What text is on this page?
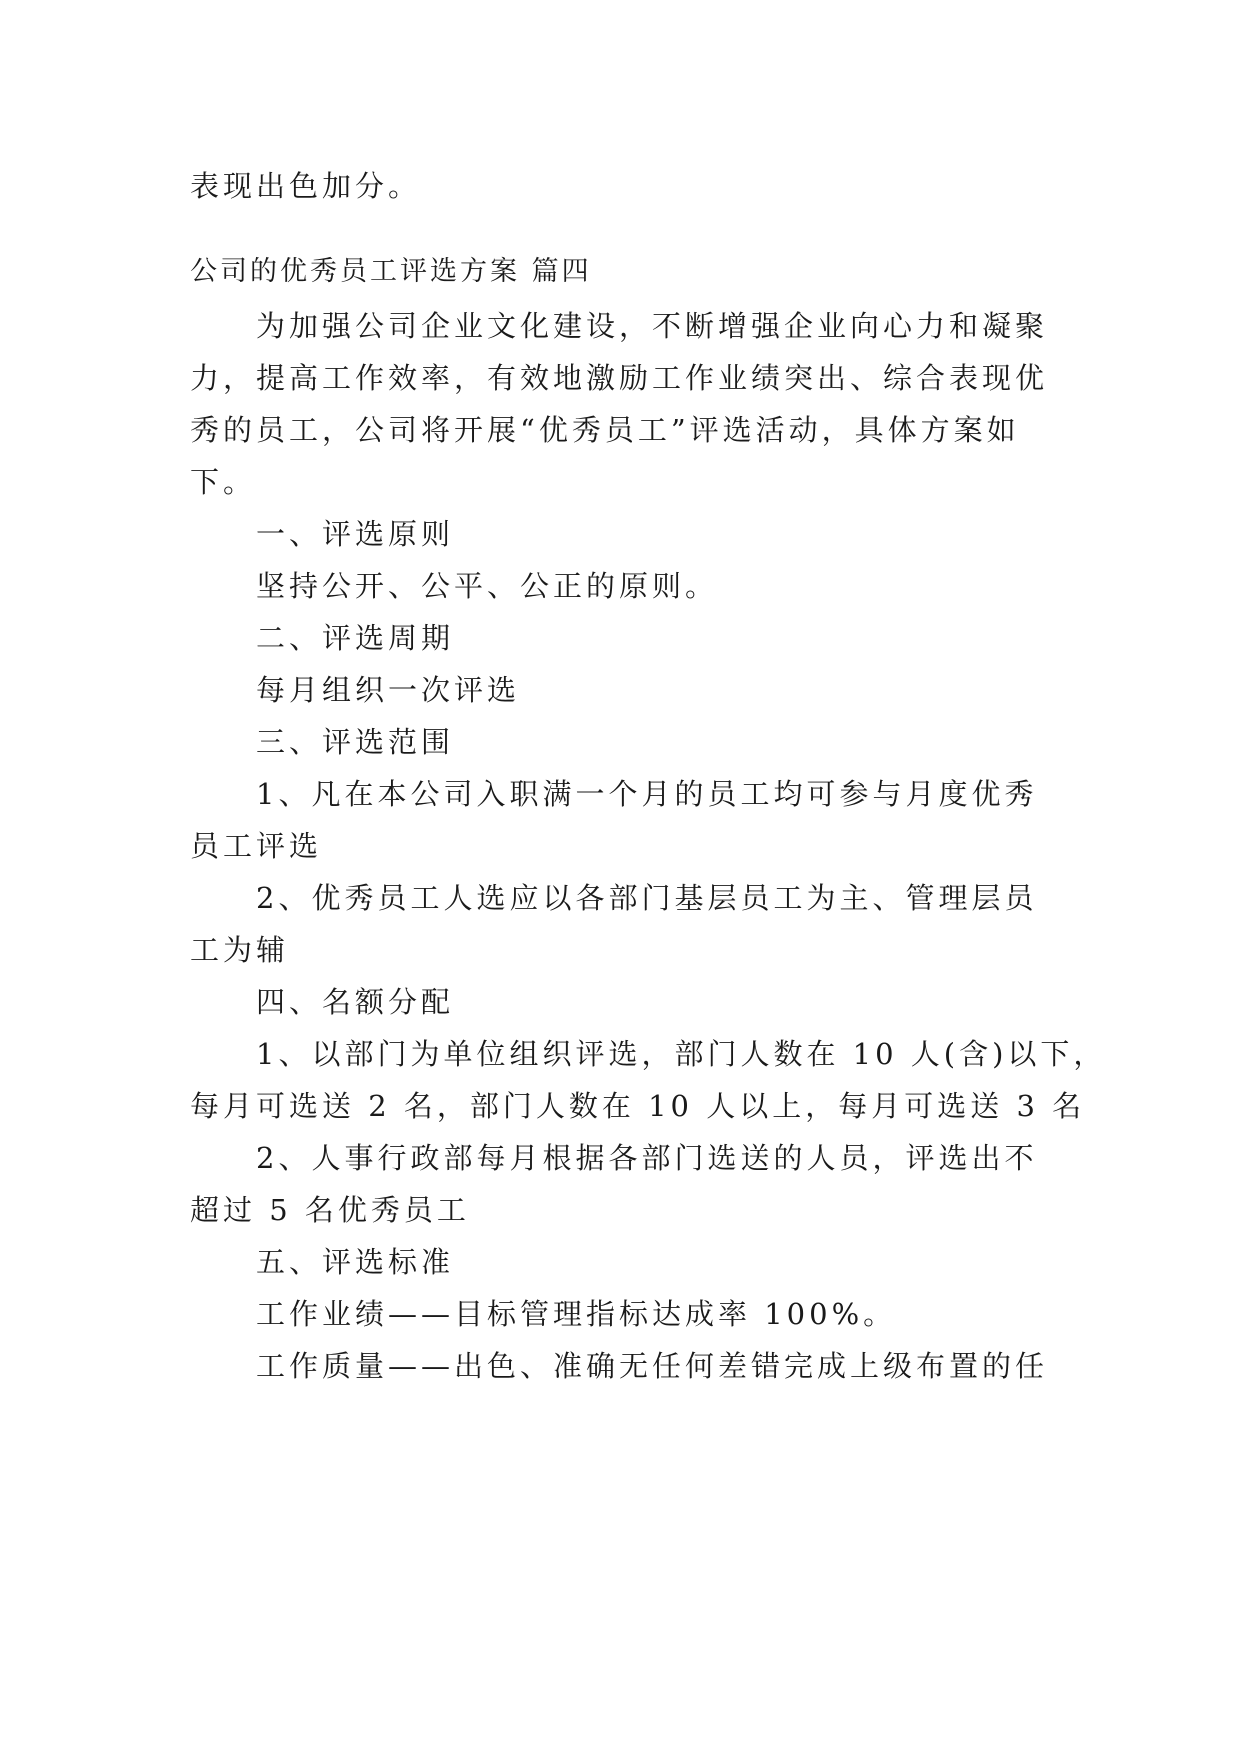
表现出色加分。
公司的优秀员工评选方案 篇四
为加强公司企业文化建设，不断增强企业向心力和凝聚
力，提高工作效率，有效地激励工作业绩突出、综合表现优
秀的员工，公司将开展“优秀员工”评选活动，具体方案如
下。
一、评选原则
坚持公开、公平、公正的原则。
二、评选周期
每月组织一次评选
三、评选范围
1、凡在本公司入职满一个月的员工均可参与月度优秀
员工评选
2、优秀员工人选应以各部门基层员工为主、管理层员
工为辅
四、名额分配
1、以部门为单位组织评选，部门人数在 10 人(含)以下，
每月可选送 2 名，部门人数在 10 人以上，每月可选送 3 名
2、人事行政部每月根据各部门选送的人员，评选出不
超过 5 名优秀员工
五、评选标准
工作业绩——目标管理指标达成率 100%。
工作质量——出色、准确无任何差错完成上级布置的任
